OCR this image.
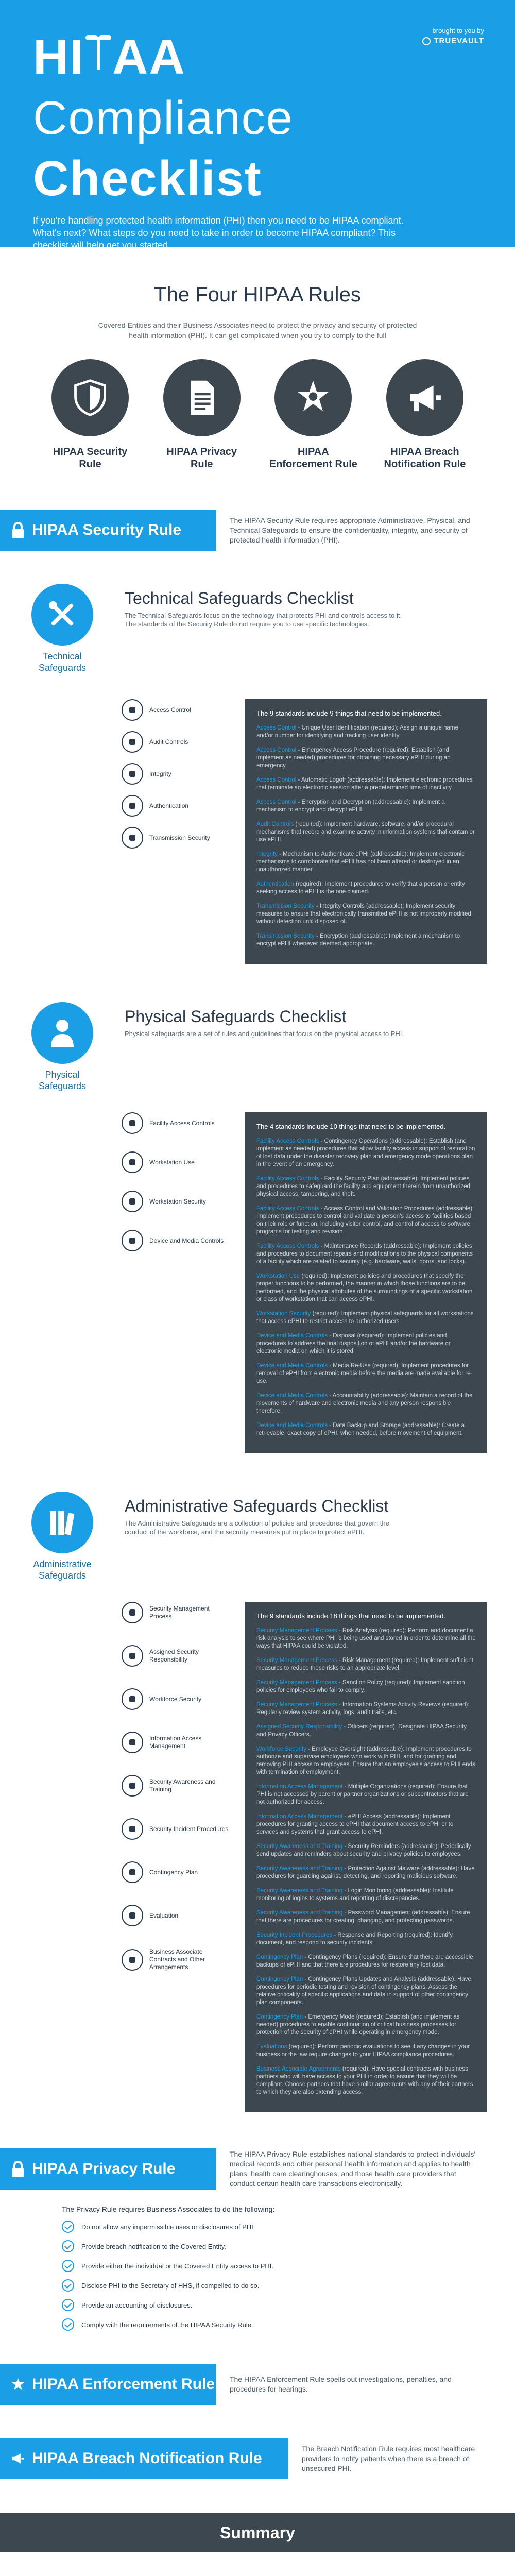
brought to you by
TRUEVAULT
HI AA
Compliance
Checklist

If you're handling protected health information (PHI) then you need to be HIPAA compliant. What's next? What steps do you need to take in order to become HIPAA compliant? This checklist will help get you started.

The Four HIPAA Rules

Covered Entities and their Business Associates need to protect the privacy and security of protected health information (PHI). It can get complicated when you try to comply to the full

HIPAA Security Rule
HIPAA Privacy Rule
HIPAA Enforcement Rule
HIPAA Breach Notification Rule
HIPAA Security Rule

The HIPAA Security Rule requires appropriate Administrative, Physical, and Technical Safeguards to ensure the confidentiality, integrity, and security of protected health information (PHI).

Technical Safeguards
Technical Safeguards Checklist
The Technical Safeguards focus on the technology that protects PHI and controls access to it. The standards of the Security Rule do not require you to use specific technologies.
Access Control
Audit Controls
Integrity
Authentication
Transmission Security
The 9 standards include 9 things that need to be implemented.
Access Control - Unique User Identification (required): Assign a unique name and/or number for identifying and tracking user identity.
Access Control - Emergency Access Procedure (required): Establish (and implement as needed) procedures for obtaining necessary ePHI during an emergency.
Access Control - Automatic Logoff (addressable): Implement electronic procedures that terminate an electronic session after a predetermined time of inactivity.
Access Control - Encryption and Decryption (addressable): Implement a mechanism to encrypt and decrypt ePHI.
Audit Controls (required): Implement hardware, software, and/or procedural mechanisms that record and examine activity in information systems that contain or use ePHI.
Integrity - Mechanism to Authenticate ePHI (addressable): Implement electronic mechanisms to corroborate that ePHI has not been altered or destroyed in an unauthorized manner.
Authentication (required): Implement procedures to verify that a person or entity seeking access to ePHI is the one claimed.
Transmission Security - Integrity Controls (addressable): Implement security measures to ensure that electronically transmitted ePHI is not improperly modified without detection until disposed of.
Transmission Security - Encryption (addressable): Implement a mechanism to encrypt ePHI whenever deemed appropriate.
Physical Safeguards
Physical Safeguards Checklist
Physical safeguards are a set of rules and guidelines that focus on the physical access to PHI.
Facility Access Controls
Workstation Use
Workstation Security
Device and Media Controls
The 4 standards include 10 things that need to be implemented.
Facility Access Controls - Contingency Operations (addressable): Establish (and implement as needed) procedures that allow facility access in support of restoration of lost data under the disaster recovery plan and emergency mode operations plan in the event of an emergency.
Facility Access Controls - Facility Security Plan (addressable): Implement policies and procedures to safeguard the facility and equipment therein from unauthorized physical access, tampering, and theft.
Facility Access Controls - Access Control and Validation Procedures (addressable): Implement procedures to control and validate a person's access to facilities based on their role or function, including visitor control, and control of access to software programs for testing and revision.
Facility Access Controls - Maintenance Records (addressable): Implement policies and procedures to document repairs and modifications to the physical components of a facility which are related to security (e.g. hardware, walls, doors, and locks).
Workstation Use (required): Implement policies and procedures that specify the proper functions to be performed, the manner in which those functions are to be performed, and the physical attributes of the surroundings of a specific workstation or class of workstation that can access ePHI.
Workstation Security (required): Implement physical safeguards for all workstations that access ePHI to restrict access to authorized users.
Device and Media Controls - Disposal (required): Implement policies and procedures to address the final disposition of ePHI and/or the hardware or electronic media on which it is stored.
Device and Media Controls - Media Re-Use (required): Implement procedures for removal of ePHI from electronic media before the media are made available for re-use.
Device and Media Controls - Accountability (addressable): Maintain a record of the movements of hardware and electronic media and any person responsible therefore.
Device and Media Controls - Data Backup and Storage (addressable): Create a retrievable, exact copy of ePHI, when needed, before movement of equipment.
Administrative Safeguards
Administrative Safeguards Checklist
The Administrative Safeguards are a collection of policies and procedures that govern the conduct of the workforce, and the security measures put in place to protect ePHI.
Security Management Process
Assigned Security Responsibility
Workforce Security
Information Access Management
Security Awareness and Training
Security Incident Procedures
Contingency Plan
Evaluation
Business Associate Contracts and Other Arrangements
The 9 standards include 18 things that need to be implemented.
Security Management Process - Risk Analysis (required): Perform and document a risk analysis to see where PHI is being used and stored in order to determine all the ways that HIPAA could be violated.
Security Management Process - Risk Management (required): Implement sufficient measures to reduce these risks to an appropriate level.
Security Management Process - Sanction Policy (required): Implement sanction policies for employees who fail to comply.
Security Management Process - Information Systems Activity Reviews (required): Regularly review system activity, logs, audit trails, etc.
Assigned Security Responsibility - Officers (required): Designate HIPAA Security and Privacy Officers.
Workforce Security - Employee Oversight (addressable): Implement procedures to authorize and supervise employees who work with PHI, and for granting and removing PHI access to employees. Ensure that an employee's access to PHI ends with termination of employment.
Information Access Management - Multiple Organizations (required): Ensure that PHI is not accessed by parent or partner organizations or subcontractors that are not authorized for access.
Information Access Management - ePHI Access (addressable): Implement procedures for granting access to ePHI that document access to ePHI or to services and systems that grant access to ePHI.
Security Awareness and Training - Security Reminders (addressable): Periodically send updates and reminders about security and privacy policies to employees.
Security Awareness and Training - Protection Against Malware (addressable): Have procedures for guarding against, detecting, and reporting malicious software.
Security Awareness and Training - Login Monitoring (addressable): Institute monitoring of logins to systems and reporting of discrepancies.
Security Awareness and Training - Password Management (addressable): Ensure that there are procedures for creating, changing, and protecting passwords.
Security Incident Procedures - Response and Reporting (required): Identify, document, and respond to security incidents.
Contingency Plan - Contingency Plans (required): Ensure that there are accessible backups of ePHI and that there are procedures for restore any lost data.
Contingency Plan - Contingency Plans Updates and Analysis (addressable): Have procedures for periodic testing and revision of contingency plans. Assess the relative criticality of specific applications and data in support of other contingency plan components.
Contingency Plan - Emergency Mode (required): Establish (and implement as needed) procedures to enable continuation of critical business processes for protection of the security of ePHI while operating in emergency mode.
Evaluations (required): Perform periodic evaluations to see if any changes in your business or the law require changes to your HIPAA compliance procedures.
Business Associate Agreements (required): Have special contracts with business partners who will have access to your PHI in order to ensure that they will be compliant. Choose partners that have similar agreements with any of their partners to which they are also extending access.
HIPAA Privacy Rule

The HIPAA Privacy Rule establishes national standards to protect individuals' medical records and other personal health information and applies to health plans, health care clearinghouses, and those health care providers that conduct certain health care transactions electronically.

The Privacy Rule requires Business Associates to do the following:
Do not allow any impermissible uses or disclosures of PHI.
Provide breach notification to the Covered Entity.
Provide either the individual or the Covered Entity access to PHI.
Disclose PHI to the Secretary of HHS, if compelled to do so.
Provide an accounting of disclosures.
Comply with the requirements of the HIPAA Security Rule.
HIPAA Enforcement Rule The HIPAA Enforcement Rule spells out investigations, penalties, and procedures for hearings.

HIPAA Breach Notification Rule

The Breach Notification Rule requires most healthcare providers to notify patients when there is a breach of unsecured PHI.

Summary
